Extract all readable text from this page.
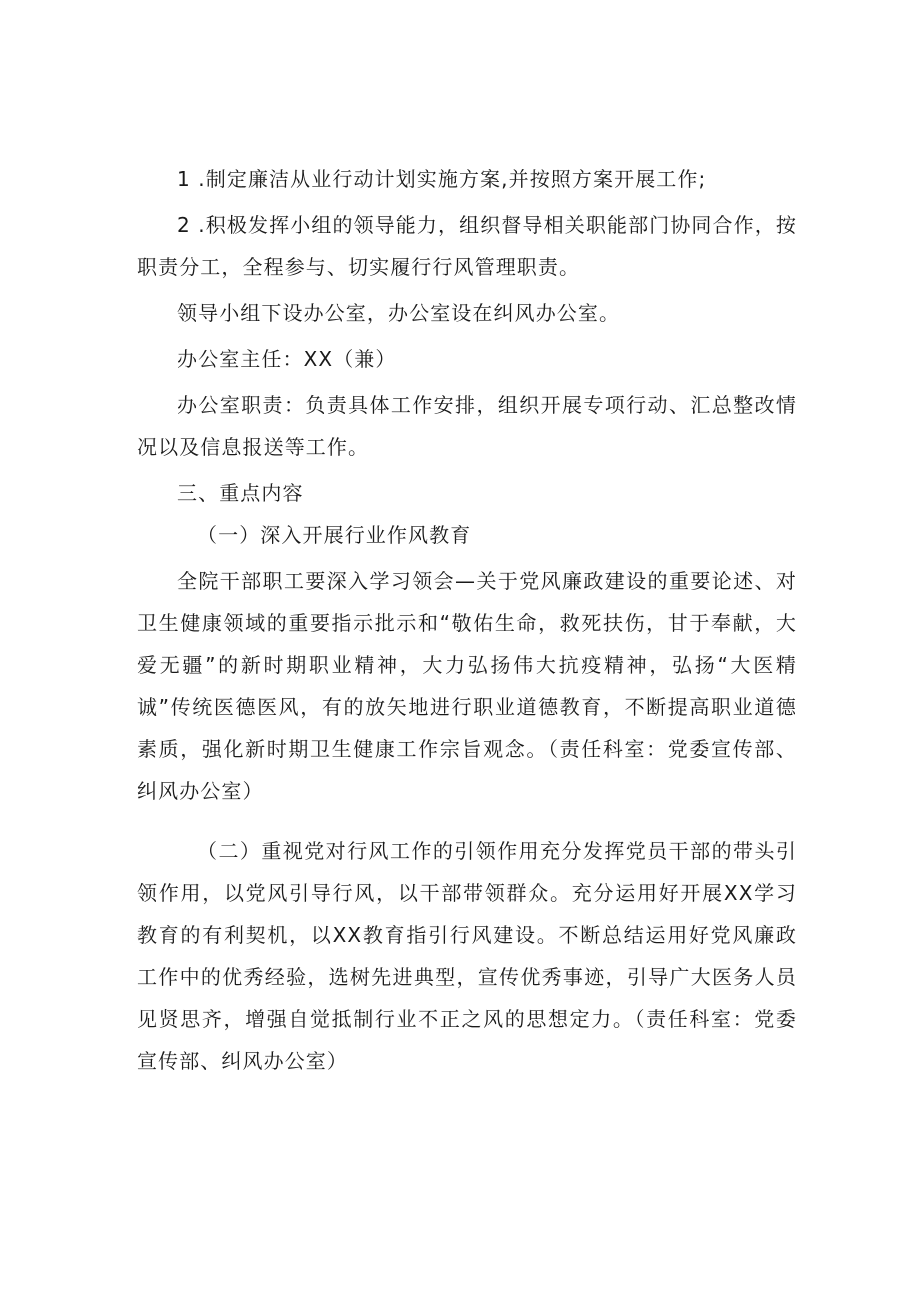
1 .制定廉洁从业行动计划实施方案,并按照方案开展工作;

2 .积极发挥小组的领导能力，组织督导相关职能部门协同合作，按职责分工，全程参与、切实履行行风管理职责。

领导小组下设办公室，办公室设在纠风办公室。

办公室主任：XX（兼）

办公室职责：负责具体工作安排，组织开展专项行动、汇总整改情况以及信息报送等工作。

三、重点内容

（一）深入开展行业作风教育

全院干部职工要深入学习领会—关于党风廉政建设的重要论述、对卫生健康领域的重要指示批示和“敬佑生命，救死扶伤，甘于奉献，大爱无疆”的新时期职业精神，大力弘扬伟大抗疫精神，弘扬“大医精诚”传统医德医风，有的放矢地进行职业道德教育，不断提高职业道德素质，强化新时期卫生健康工作宗旨观念。（责任科室：党委宣传部、纠风办公室）

（二）重视党对行风工作的引领作用充分发挥党员干部的带头引领作用，以党风引导行风，以干部带领群众。充分运用好开展XX学习教育的有利契机，以XX教育指引行风建设。不断总结运用好党风廉政工作中的优秀经验，选树先进典型，宣传优秀事迹，引导广大医务人员见贤思齐，增强自觉抵制行业不正之风的思想定力。（责任科室：党委宣传部、纠风办公室）
